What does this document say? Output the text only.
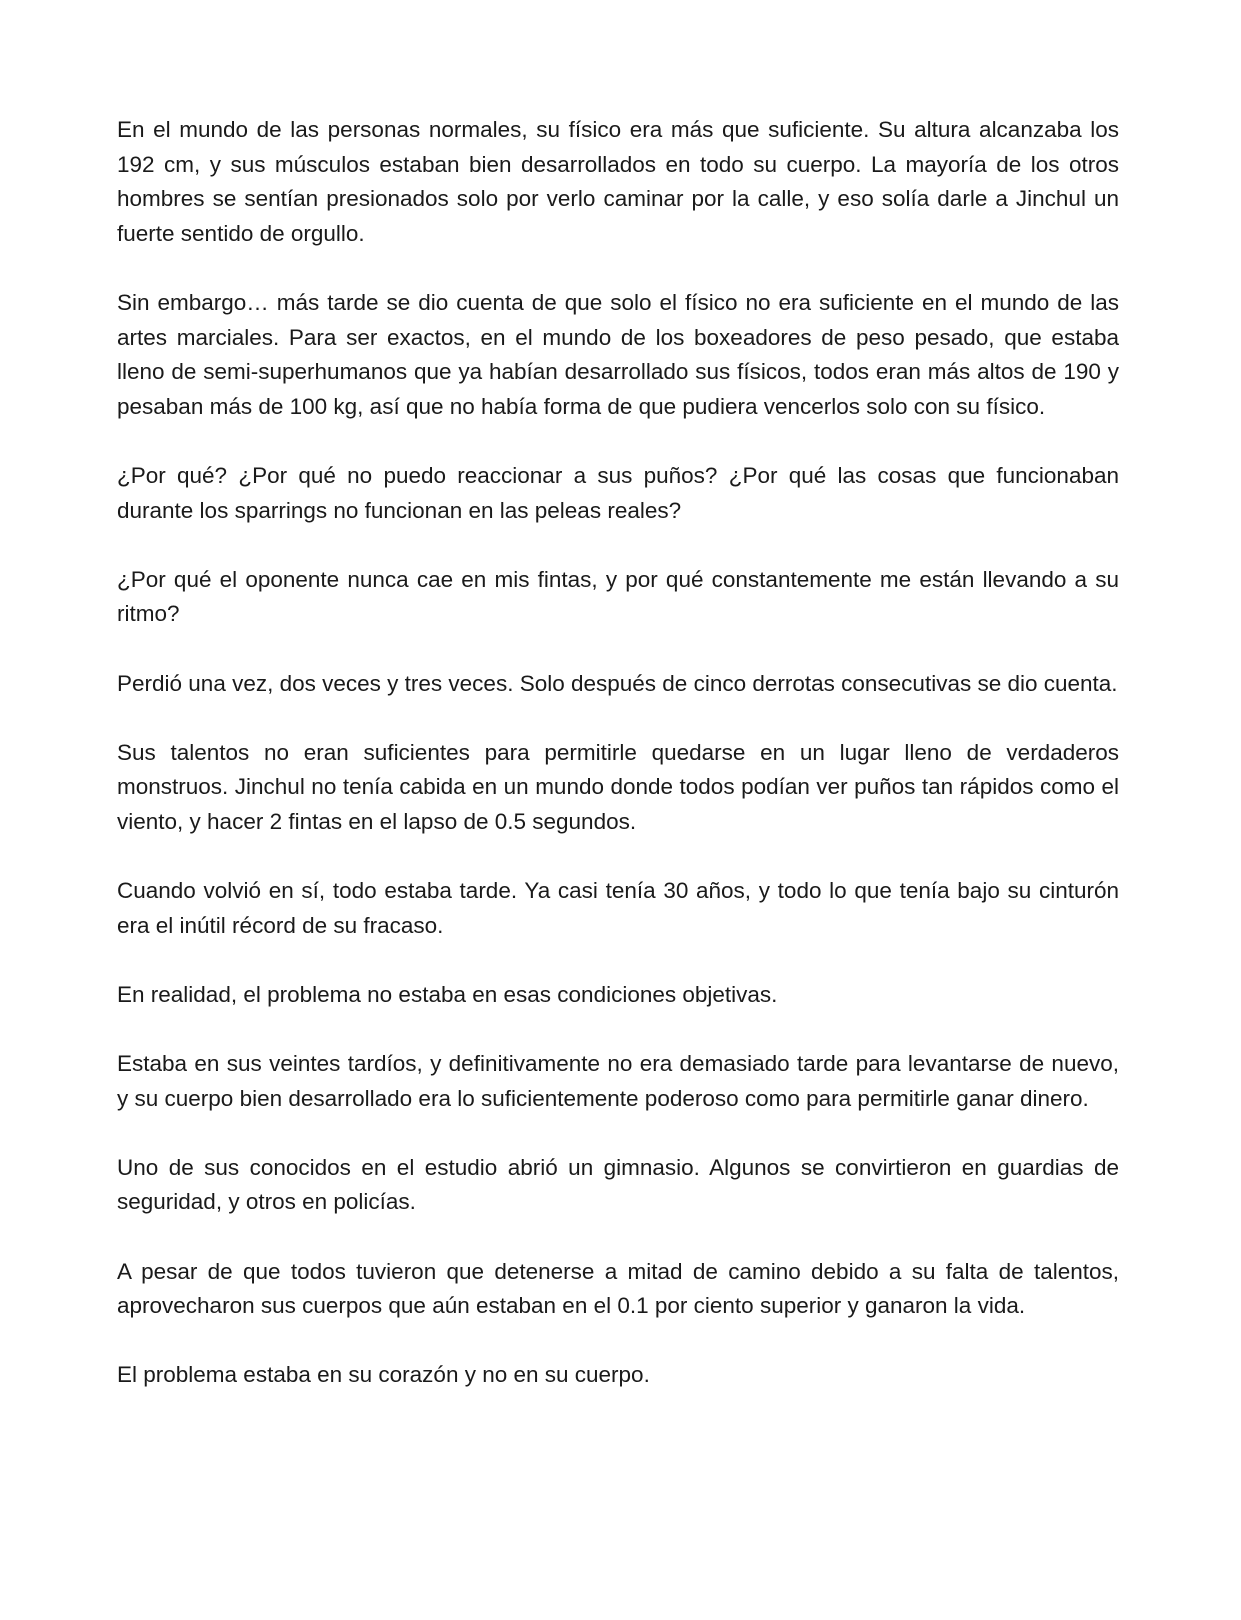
En el mundo de las personas normales, su físico era más que suficiente. Su altura alcanzaba los 192 cm, y sus músculos estaban bien desarrollados en todo su cuerpo. La mayoría de los otros hombres se sentían presionados solo por verlo caminar por la calle, y eso solía darle a Jinchul un fuerte sentido de orgullo.

Sin embargo… más tarde se dio cuenta de que solo el físico no era suficiente en el mundo de las artes marciales. Para ser exactos, en el mundo de los boxeadores de peso pesado, que estaba lleno de semi-superhumanos que ya habían desarrollado sus físicos, todos eran más altos de 190 y pesaban más de 100 kg, así que no había forma de que pudiera vencerlos solo con su físico.

¿Por qué? ¿Por qué no puedo reaccionar a sus puños? ¿Por qué las cosas que funcionaban durante los sparrings no funcionan en las peleas reales?

¿Por qué el oponente nunca cae en mis fintas, y por qué constantemente me están llevando a su ritmo?

Perdió una vez, dos veces y tres veces. Solo después de cinco derrotas consecutivas se dio cuenta.

Sus talentos no eran suficientes para permitirle quedarse en un lugar lleno de verdaderos monstruos. Jinchul no tenía cabida en un mundo donde todos podían ver puños tan rápidos como el viento, y hacer 2 fintas en el lapso de 0.5 segundos.

Cuando volvió en sí, todo estaba tarde. Ya casi tenía 30 años, y todo lo que tenía bajo su cinturón era el inútil récord de su fracaso.

En realidad, el problema no estaba en esas condiciones objetivas.

Estaba en sus veintes tardíos, y definitivamente no era demasiado tarde para levantarse de nuevo, y su cuerpo bien desarrollado era lo suficientemente poderoso como para permitirle ganar dinero.

Uno de sus conocidos en el estudio abrió un gimnasio. Algunos se convirtieron en guardias de seguridad, y otros en policías.

A pesar de que todos tuvieron que detenerse a mitad de camino debido a su falta de talentos, aprovecharon sus cuerpos que aún estaban en el 0.1 por ciento superior y ganaron la vida.

El problema estaba en su corazón y no en su cuerpo.
